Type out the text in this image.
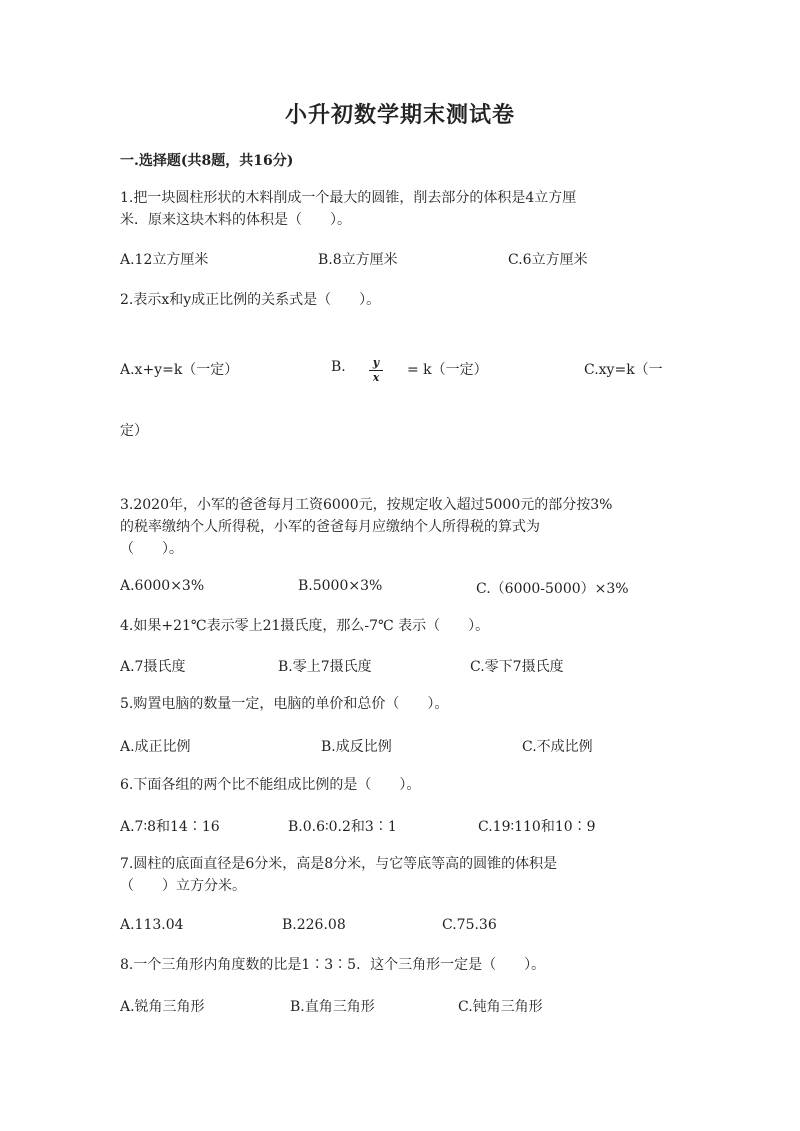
小升初数学期末测试卷
一.选择题(共8题，共16分)
1.把一块圆柱形状的木料削成一个最大的圆锥，削去部分的体积是4立方厘
米．原来这块木料的体积是（　　）。
A.12立方厘米	B.8立方厘米	C.6立方厘米
2.表示x和y成正比例的关系式是（　　）。
A.x+y=k（一定）	B.	y
x = k（一定）	C.xy=k（一
定）
3.2020年，小军的爸爸每月工资6000元，按规定收入超过5000元的部分按3%
的税率缴纳个人所得税，小军的爸爸每月应缴纳个人所得税的算式为
（　　）。
A.6000×3%	B.5000×3%	C.（6000-5000）×3%
4.如果+21℃表示零上21摄氏度，那么-7℃ 表示（　　）。
A.7摄氏度	B.零上7摄氏度	C.零下7摄氏度
5.购置电脑的数量一定，电脑的单价和总价（　　）。
A.成正比例	B.成反比例	C.不成比例
6.下面各组的两个比不能组成比例的是（　　）。
A.7∶8和14∶16	B.0.6∶0.2和3∶1	C.19∶110和10∶9
7.圆柱的底面直径是6分米，高是8分米，与它等底等高的圆锥的体积是
（　　）立方分米。
A.113.04	B.226.08	C.75.36
8.一个三角形内角度数的比是1∶3∶5．这个三角形一定是（　　）。
A.锐角三角形	B.直角三角形	C.钝角三角形
